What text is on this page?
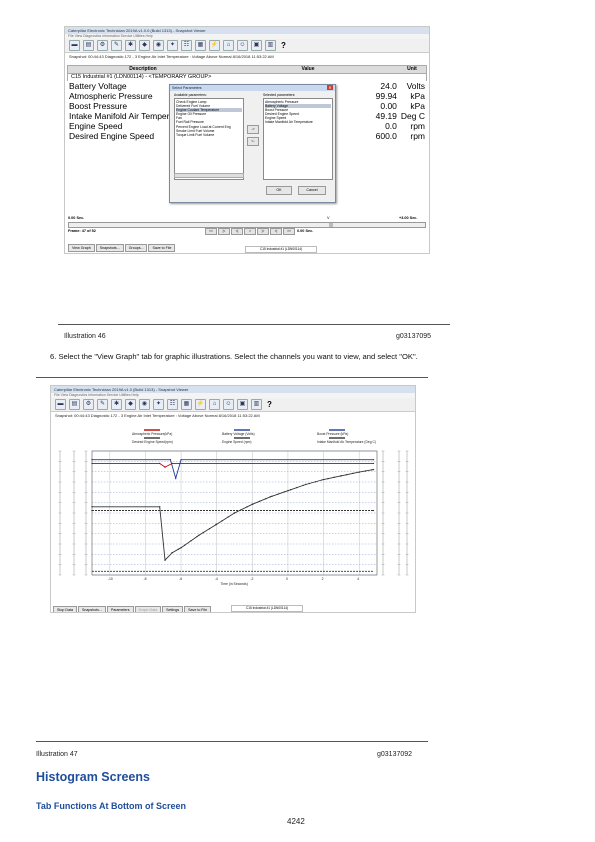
Caterpillar Electronic Technician 2019A v1.0.0 (Build 1313) - Snapshot Viewer
File View Diagnostics Information Service Utilities Help
▬	▤	⚙	✎	✱	◆	◉	✦	☷	▦	⚡	⌂	☺	▣	▥ ?
Snapshot: 00:44:43 Diagnostic 172 - 3 Engine Air Inlet Temperature : Voltage Above Normal 8/16/2018 11:53:22 AM
Description	Value	Unit
C15 Industrial #1 (LDN00114) - <TEMPORARY GROUP>
Battery Voltage	24.0	Volts
Atmospheric Pressure	99.94	kPa
Boost Pressure	0.00	kPa
Intake Manifold Air Temper	49.19	Deg C
Engine Speed	0.0	rpm
Desired Engine Speed	600.0	rpm
Select Parameters	✕
Available parameters:	Selected parameters:
Check Engine Lamp
Delivered Fuel Volume
Engine Coolant Temperature
Engine Oil Pressure
Fan
Fuel Rail Pressure
Percent Engine Load at Current Eng
Smoke Limit Fuel Volume
Torque Limit Fuel Volume
Atmospheric Pressure
Battery Voltage
Boost Pressure
Desired Engine Speed
Engine Speed
Intake Manifold Air Temperature
->
<-
OK	Cancel
0.00 Sec.	V	+3.00 Sec.
Frame: 47 of 52	<<	|<	<|	>	|>	>|	>>	0.00 Sec.
View Graph	Snapshots...	Groups...	Save to File	C15 Industrial #1 (LDN00114)
Illustration 46	g03137095
6. Select the "View Graph" tab for graphic illustrations. Select the channels you want to view, and select "OK".
Caterpillar Electronic Technician 2019A v1.0 (Build 1313) - Snapshot Viewer
File View Diagnostics Information Service Utilities Help
▬	▤	⚙	✎	✱	◆	◉	✦	☷	▦	⚡	⌂	☺	▣	▥ ?
Snapshot: 00:44:43 Diagnostic 172 - 3 Engine Air Inlet Temperature : Voltage Above Normal 8/16/2018 11:53:22 AM
Atmospheric Pressure(kPa)	Battery Voltage (Volts)	Boost Pressure (kPa)
Desired Engine Speed(rpm)	Engine Speed (rpm)	Intake Manifold Air Temperature (Deg C)
-10	-8	-6	-4	-2	0	2	4
Time (in Seconds)
Stop Data	Snapshots...	Parameters	Graph Data	Settings	Save to File	C15 Industrial #1 (LDN00114)
Illustration 47	g03137092
Histogram Screens
Tab Functions At Bottom of Screen
4242
